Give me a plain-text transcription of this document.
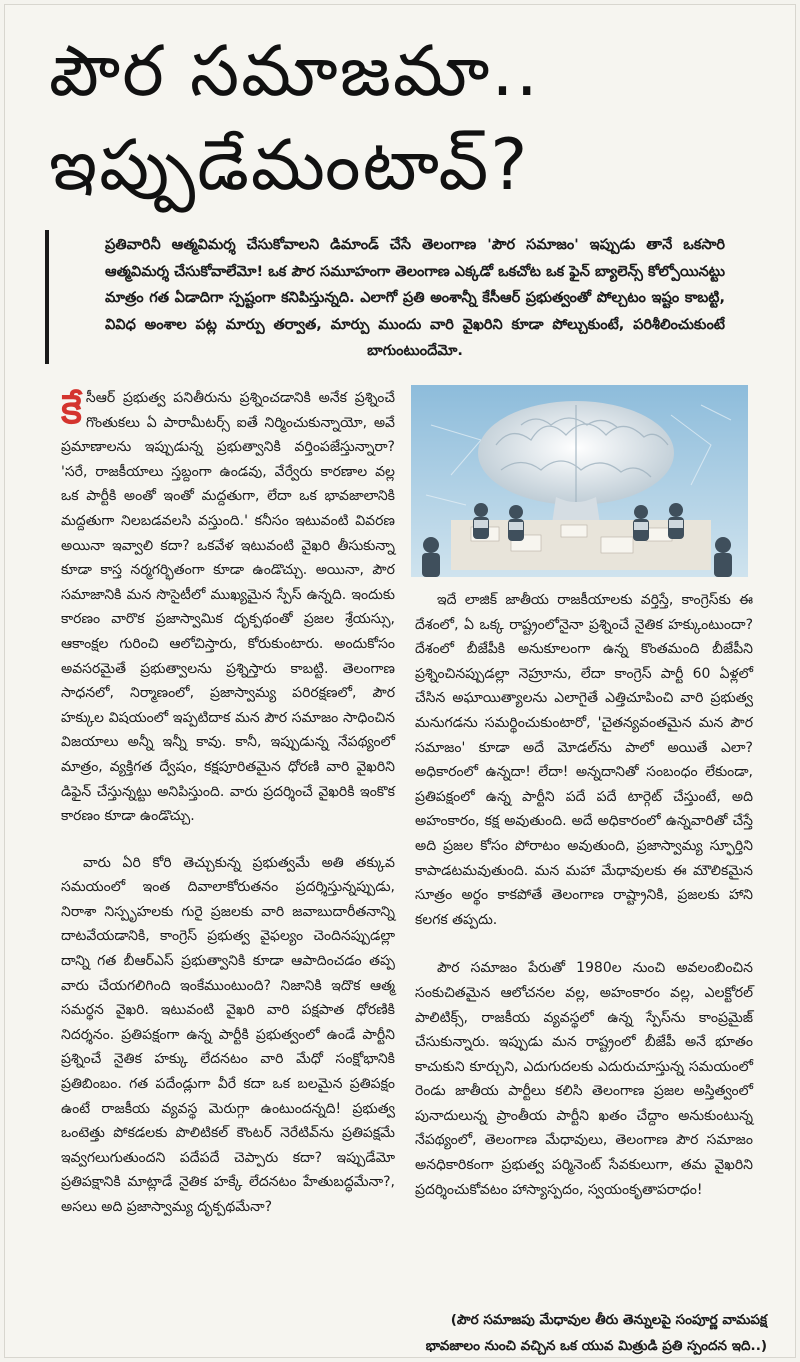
పౌర సమాజమా..
ఇప్పుడేమంటావ్?
ప్రతివారినీ ఆత్మవిమర్శ చేసుకోవాలని డిమాండ్ చేసే తెలంగాణ 'పౌర సమాజం' ఇప్పుడు తానే ఒకసారి ఆత్మవిమర్శ చేసుకోవాలేమో! ఒక పౌర సమూహంగా తెలంగాణ ఎక్కడో ఒకచోట ఒక ఫైన్ బ్యాలెన్స్ కోల్పోయినట్టు మాత్రం గత ఏడాదిగా స్పష్టంగా కనిపిస్తున్నది. ఎలాగో ప్రతి అంశాన్నీ కేసీఆర్ ప్రభుత్వంతో పోల్చటం ఇష్టం కాబట్టి, వివిధ అంశాల పట్ల మార్పు తర్వాత, మార్పు ముందు వారి వైఖరిని కూడా పోల్చుకుంటే, పరిశీలించుకుంటే బాగుంటుందేమో.

కేసీఆర్ ప్రభుత్వ పనితీరును ప్రశ్నించడానికి అనేక ప్రశ్నించే గొంతుకలు ఏ పారామీటర్స్ ఐతే నిర్మించుకున్నాయో, అవే ప్రమాణాలను ఇప్పుడున్న ప్రభుత్వానికి వర్తింపజేస్తున్నారా? 'సరే, రాజకీయాలు స్తబ్దంగా ఉండవు, వేర్వేరు కారణాల వల్ల ఒక పార్టీకి అంతో ఇంతో మద్దతుగా, లేదా ఒక భావజాలానికి మద్దతుగా నిలబడవలసి వస్తుంది.' కనీసం ఇటువంటి వివరణ అయినా ఇవ్వాలి కదా? ఒకవేళ ఇటువంటి వైఖరి తీసుకున్నా కూడా కాస్త నర్మగర్భితంగా కూడా ఉండొచ్చు. అయినా, పౌర సమాజానికి మన సొసైటీలో ముఖ్యమైన స్పేస్ ఉన్నది. ఇందుకు కారణం వారొక ప్రజాస్వామిక దృక్పథంతో ప్రజల శ్రేయస్సు, ఆకాంక్షల గురించి ఆలోచిస్తారు, కోరుకుంటారు. అందుకోసం అవసరమైతే ప్రభుత్వాలను ప్రశ్నిస్తారు కాబట్టి. తెలంగాణ సాధనలో, నిర్మాణంలో, ప్రజాస్వామ్య పరిరక్షణలో, పౌర హక్కుల విషయంలో ఇప్పటిదాక మన పౌర సమాజం సాధించిన విజయాలు అన్నీ ఇన్నీ కావు. కానీ, ఇప్పుడున్న నేపథ్యంలో మాత్రం, వ్యక్తిగత ద్వేషం, కక్షపూరితమైన ధోరణి వారి వైఖరిని డిఫైన్ చేస్తున్నట్టు అనిపిస్తుంది. వారు ప్రదర్శించే వైఖరికి ఇంకొక కారణం కూడా ఉండొచ్చు.

వారు ఏరి కోరి తెచ్చుకున్న ప్రభుత్వమే అతి తక్కువ సమయంలో ఇంత దివాలాకోరుతనం ప్రదర్శిస్తున్నప్పుడు, నిరాశా నిస్పృహలకు గురై ప్రజలకు వారి జవాబుదారీతనాన్ని దాటవేయడానికి, కాంగ్రెస్ ప్రభుత్వ వైఫల్యం చెందినప్పుడల్లా దాన్ని గత బీఆర్ఎస్ ప్రభుత్వానికి కూడా ఆపాదించడం తప్ప వారు చేయగలిగింది ఇంకేముంటుంది? నిజానికి ఇదొక ఆత్మ సమర్థన వైఖరి. ఇటువంటి వైఖరి వారి పక్షపాత ధోరణికి నిదర్శనం. ప్రతిపక్షంగా ఉన్న పార్టీకి ప్రభుత్వంలో ఉండే పార్టీని ప్రశ్నించే నైతిక హక్కు లేదనటం వారి మేధో సంక్షోభానికి ప్రతిబింబం. గత పదేండ్లుగా వీరే కదా ఒక బలమైన ప్రతిపక్షం ఉంటే రాజకీయ వ్యవస్థ మెరుగ్గా ఉంటుందన్నది! ప్రభుత్వ ఒంటెత్తు పోకడలకు పొలిటికల్ కౌంటర్ నెరేటివ్‌ను ప్రతిపక్షమే ఇవ్వగలుగుతుందని పదేపదే చెప్పారు కదా? ఇప్పుడేమో ప్రతిపక్షానికి మాట్లాడే నైతిక హక్కే లేదనటం హేతుబద్ధమేనా?, అసలు అది ప్రజాస్వామ్య దృక్పథమేనా?

ఇదే లాజిక్ జాతీయ రాజకీయాలకు వర్తిస్తే, కాంగ్రెస్‌కు ఈ దేశంలో, ఏ ఒక్క రాష్ట్రంలోనైనా ప్రశ్నించే నైతిక హక్కుంటుందా? దేశంలో బీజేపీకి అనుకూలంగా ఉన్న కొంతమంది బీజేపీని ప్రశ్నించినప్పుడల్లా నెహ్రూను, లేదా కాంగ్రెస్ పార్టీ 60 ఏళ్లలో చేసిన అఘాయిత్యాలను ఎలాగైతే ఎత్తిచూపించి వారి ప్రభుత్వ మనుగడను సమర్థించుకుంటారో, 'చైతన్యవంతమైన మన పౌర సమాజం' కూడా అదే మోడల్‌ను పాలో అయితే ఎలా? అధికారంలో ఉన్నదా! లేదా! అన్నదానితో సంబంధం లేకుండా, ప్రతిపక్షంలో ఉన్న పార్టీని పదే పదే టార్గెట్ చేస్తుంటే, అది అహంకారం, కక్ష అవుతుంది. అదే అధికారంలో ఉన్నవారితో చేస్తే అది ప్రజల కోసం పోరాటం అవుతుంది, ప్రజాస్వామ్య స్ఫూర్తిని కాపాడటమవుతుంది. మన మహా మేధావులకు ఈ మౌలికమైన సూత్రం అర్థం కాకపోతే తెలంగాణ రాష్ట్రానికి, ప్రజలకు హాని కలగక తప్పదు.

పౌర సమాజం పేరుతో 1980ల నుంచి అవలంబించిన సంకుచితమైన ఆలోచనల వల్ల, అహంకారం వల్ల, ఎలక్టోరల్ పాలిటిక్స్, రాజకీయ వ్యవస్థలో ఉన్న స్పేస్‌ను కాంప్రమైజ్ చేసుకున్నారు. ఇప్పుడు మన రాష్ట్రంలో బీజేపీ అనే భూతం కాచుకుని కూర్చుని, ఎదుగుదలకు ఎదురుచూస్తున్న సమయంలో రెండు జాతీయ పార్టీలు కలిసి తెలంగాణ ప్రజల అస్తిత్వంలో పునాదులున్న ప్రాంతీయ పార్టీని ఖతం చేద్దాం అనుకుంటున్న నేపథ్యంలో, తెలంగాణ మేధావులు, తెలంగాణ పౌర సమాజం అనధికారికంగా ప్రభుత్వ పర్మినెంట్ సేవకులుగా, తమ వైఖరిని ప్రదర్శించుకోవటం హాస్యాస్పదం, స్వయంకృతాపరాధం!

(పౌర సమాజపు మేధావుల తీరు తెన్నులపై సంపూర్ణ వామపక్ష భావజాలం నుంచి వచ్చిన ఒక యువ మిత్రుడి ప్రతి స్పందన ఇది..)
